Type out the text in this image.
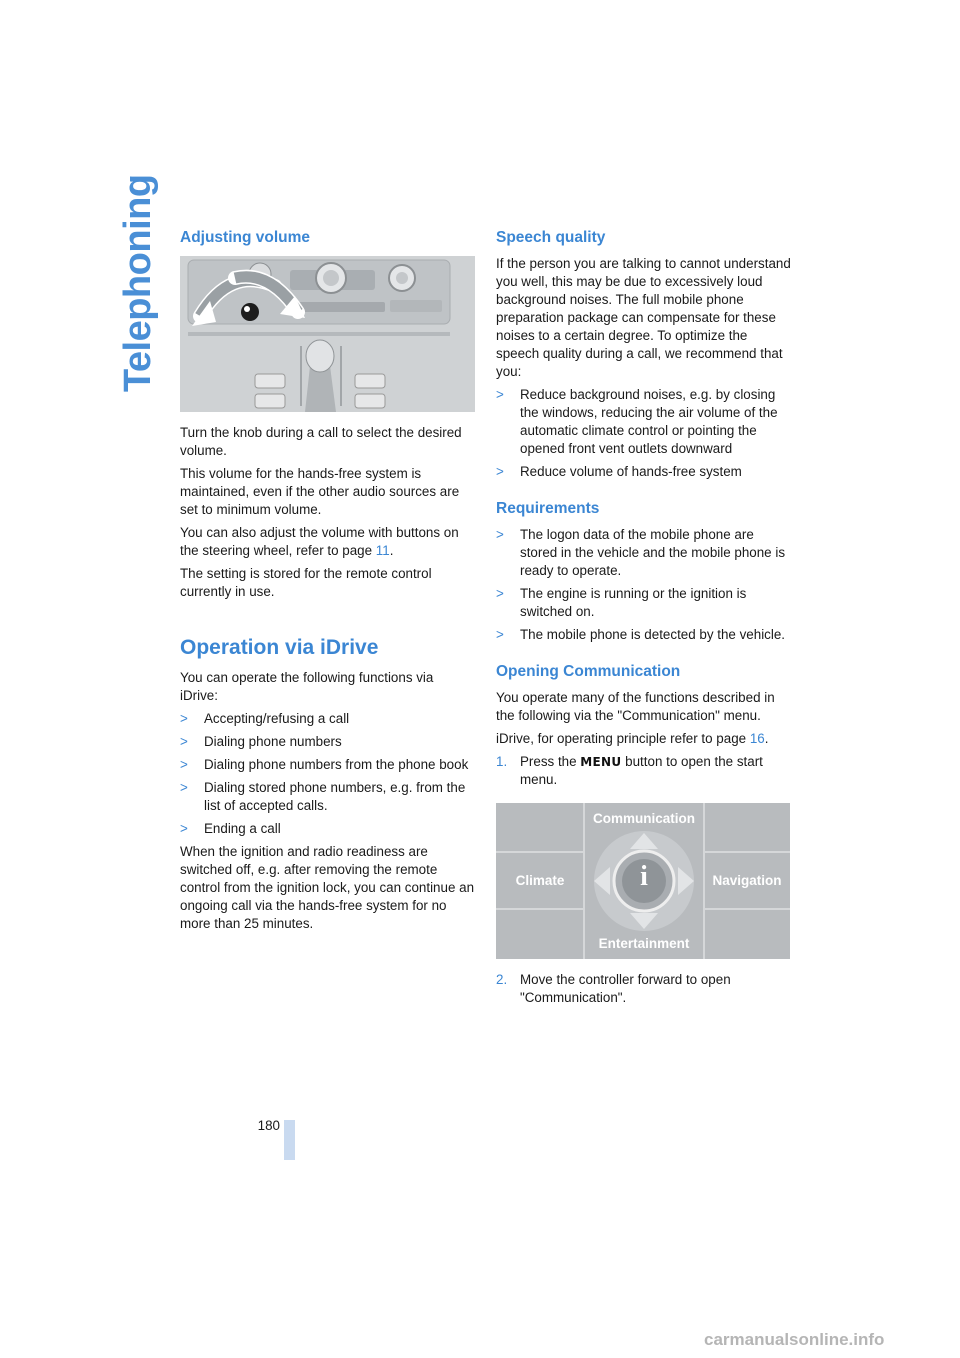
Telephoning Adjusting volume

Turn the knob during a call to select the desired volume.

This volume for the hands-free system is maintained, even if the other audio sources are set to minimum volume.

You can also adjust the volume with buttons on the steering wheel, refer to page 11.

The setting is stored for the remote control currently in use.

Operation via iDrive

You can operate the following functions via iDrive:

> Accepting/refusing a call
> Dialing phone numbers
> Dialing phone numbers from the phone book
> Dialing stored phone numbers, e.g. from the list of accepted calls.
> Ending a call

When the ignition and radio readiness are switched off, e.g. after removing the remote control from the ignition lock, you can continue an ongoing call via the hands-free system for no more than 25 minutes.

Speech quality

If the person you are talking to cannot understand you well, this may be due to excessively loud background noises. The full mobile phone preparation package can compensate for these noises to a certain degree. To optimize the speech quality during a call, we recommend that you:

> Reduce background noises, e.g. by closing the windows, reducing the air volume of the automatic climate control or pointing the opened front vent outlets downward
> Reduce volume of hands-free system
Requirements
> The logon data of the mobile phone are stored in the vehicle and the mobile phone is ready to operate.
> The engine is running or the ignition is switched on.
> The mobile phone is detected by the vehicle.
Opening Communication

You operate many of the functions described in the following via the "Communication" menu.

iDrive, for operating principle refer to page 16.

1. Press the MENU button to open the start menu.
Communication
Climate	Navigation
Entertainment
i
2. Move the controller forward to open "Communication".
180
carmanualsonline.info
